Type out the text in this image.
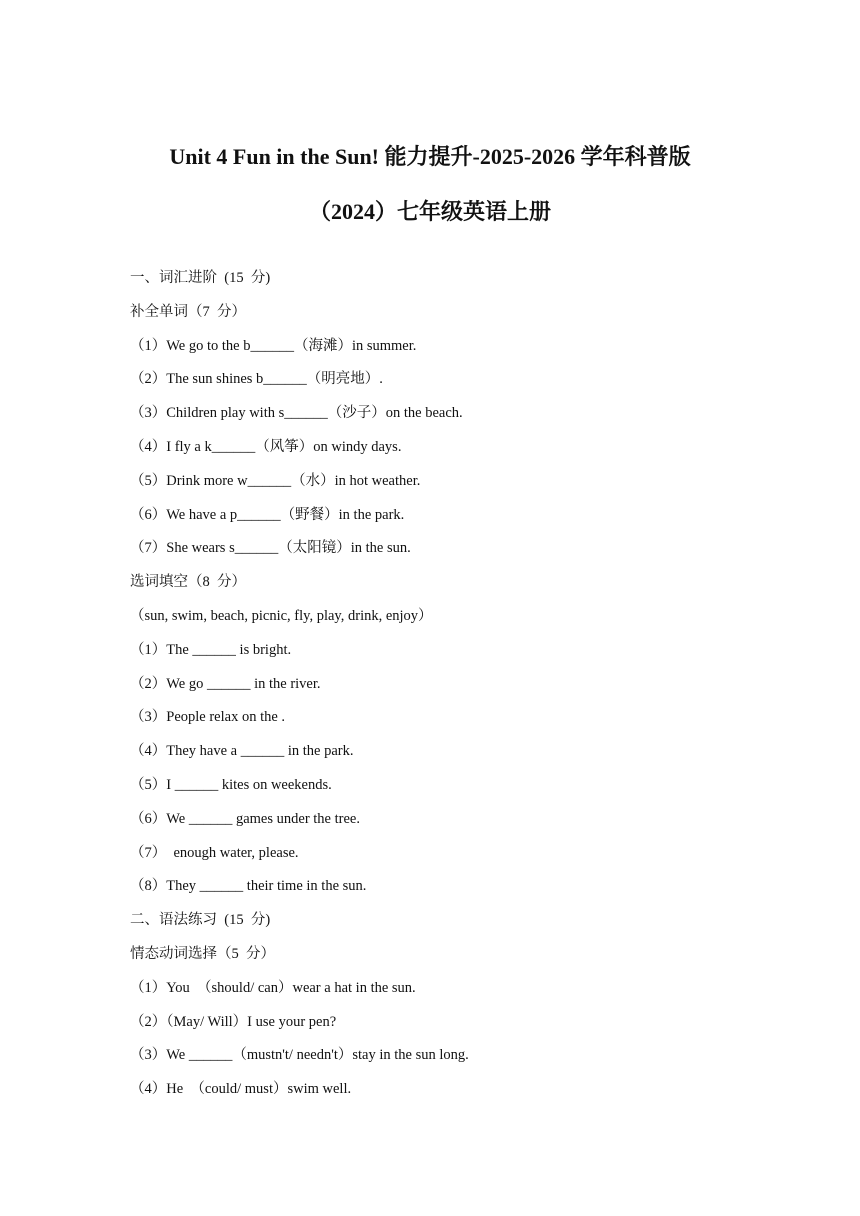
Unit 4 Fun in the Sun! 能力提升-2025-2026 学年科普版
（2024）七年级英语上册
一、词汇进阶  (15  分)
补全单词（7  分）
（1）We go to the b______（海滩）in summer.
（2）The sun shines b______（明亮地）.
（3）Children play with s______（沙子）on the beach.
（4）I fly a k______（风筝）on windy days.
（5）Drink more w______（水）in hot weather.
（6）We have a p______（野餐）in the park.
（7）She wears s______（太阳镜）in the sun.
选词填空（8  分）
（sun, swim, beach, picnic, fly, play, drink, enjoy）
（1）The ______ is bright.
（2）We go ______ in the river.
（3）People relax on the .
（4）They have a ______ in the park.
（5）I ______ kites on weekends.
（6）We ______ games under the tree.
（7）  enough water, please.
（8）They ______ their time in the sun.
二、语法练习  (15  分)
情态动词选择（5  分）
（1）You  （should/ can）wear a hat in the sun.
（2）（May/ Will）I use your pen?
（3）We ______（mustn't/ needn't）stay in the sun long.
（4）He  （could/ must）swim well.
